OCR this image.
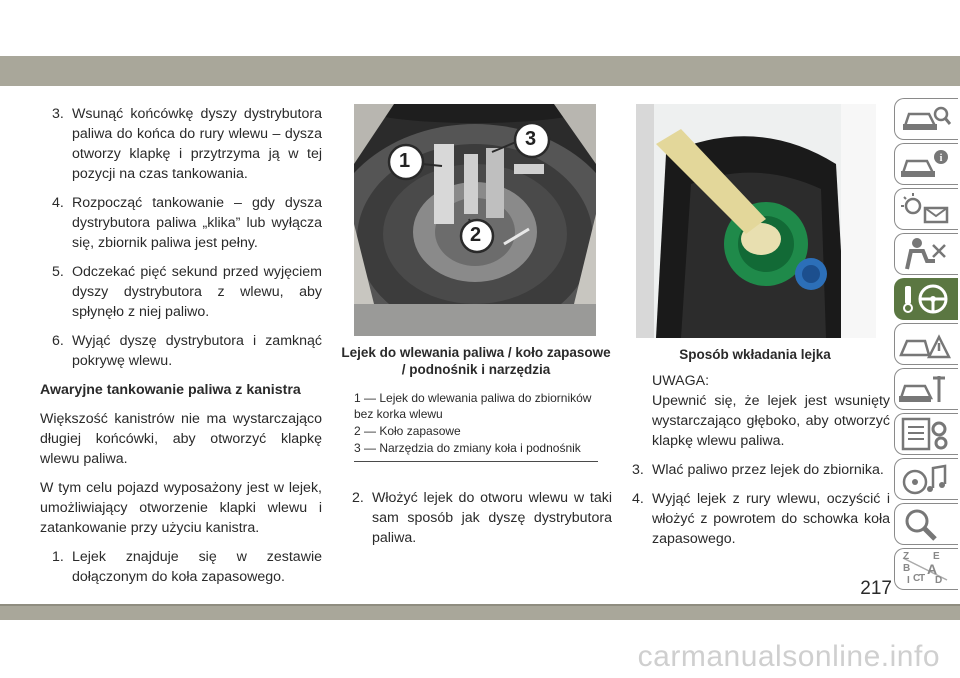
3. Wsunąć końcówkę dyszy dystrybutora paliwa do końca do rury wlewu – dysza otworzy klapkę i przytrzyma ją w tej pozycji na czas tankowania.
4. Rozpocząć tankowanie – gdy dysza dystrybutora paliwa „klika” lub wyłącza się, zbiornik paliwa jest pełny.
5. Odczekać pięć sekund przed wyjęciem dyszy dystrybutora z wlewu, aby spłynęło z niej paliwo.
6. Wyjąć dyszę dystrybutora i zamknąć pokrywę wlewu.
Awaryjne tankowanie paliwa z kanistra
Większość kanistrów nie ma wystarczająco długiej końcówki, aby otworzyć klapkę wlewu paliwa.
W tym celu pojazd wyposażony jest w lejek, umożliwiający otworzenie klapki wlewu i zatankowanie przy użyciu kanistra.
1. Lejek znajduje się w zestawie dołączonym do koła zapasowego.
1
3
2
Lejek do wlewania paliwa / koło zapasowe / podnośnik i narzędzia
1 — Lejek do wlewania paliwa do zbiorników bez korka wlewu
2 — Koło zapasowe
3 — Narzędzia do zmiany koła i podnośnik
2. Włożyć lejek do otworu wlewu w taki sam sposób jak dyszę dystrybutora paliwa.
Sposób wkładania lejka
UWAGA:
Upewnić się, że lejek jest wsunięty wystarczająco głęboko, aby otworzyć klapkę wlewu paliwa.
3. Wlać paliwo przez lejek do zbiornika.
4. Wyjąć lejek z rury wlewu, oczyścić i włożyć z powrotem do schowka koła zapasowego.
i
Z E
B A
I C
T D
217
carmanualsonline.info
